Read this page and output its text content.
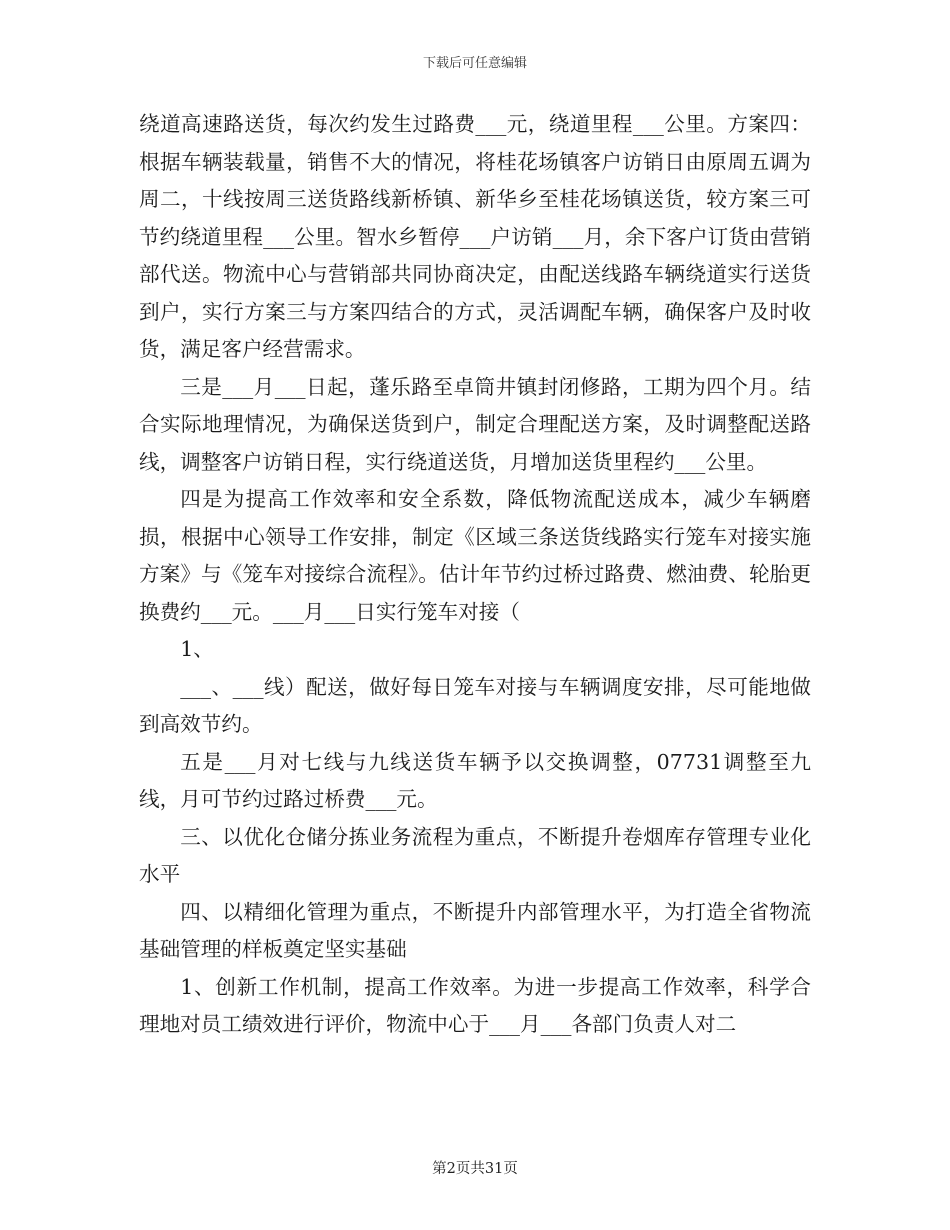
下载后可任意编辑

绕道高速路送货，每次约发生过路费___元，绕道里程___公里。方案四：根据车辆装载量，销售不大的情况，将桂花场镇客户访销日由原周五调为周二，十线按周三送货路线新桥镇、新华乡至桂花场镇送货，较方案三可节约绕道里程___公里。智水乡暂停___户访销___月，余下客户订货由营销部代送。物流中心与营销部共同协商决定，由配送线路车辆绕道实行送货到户，实行方案三与方案四结合的方式，灵活调配车辆，确保客户及时收货，满足客户经营需求。

三是___月___日起，蓬乐路至卓筒井镇封闭修路，工期为四个月。结合实际地理情况，为确保送货到户，制定合理配送方案，及时调整配送路线，调整客户访销日程，实行绕道送货，月增加送货里程约___公里。

四是为提高工作效率和安全系数，降低物流配送成本，减少车辆磨损，根据中心领导工作安排，制定《区域三条送货线路实行笼车对接实施方案》与《笼车对接综合流程》。估计年节约过桥过路费、燃油费、轮胎更换费约___元。___月___日实行笼车对接（

1、

___、___线）配送，做好每日笼车对接与车辆调度安排，尽可能地做到高效节约。

五是___月对七线与九线送货车辆予以交换调整，07731调整至九线，月可节约过路过桥费___元。

三、以优化仓储分拣业务流程为重点，不断提升卷烟库存管理专业化水平

四、以精细化管理为重点，不断提升内部管理水平，为打造全省物流基础管理的样板奠定坚实基础

1、创新工作机制，提高工作效率。为进一步提高工作效率，科学合理地对员工绩效进行评价，物流中心于___月___各部门负责人对二

第2页共31页
